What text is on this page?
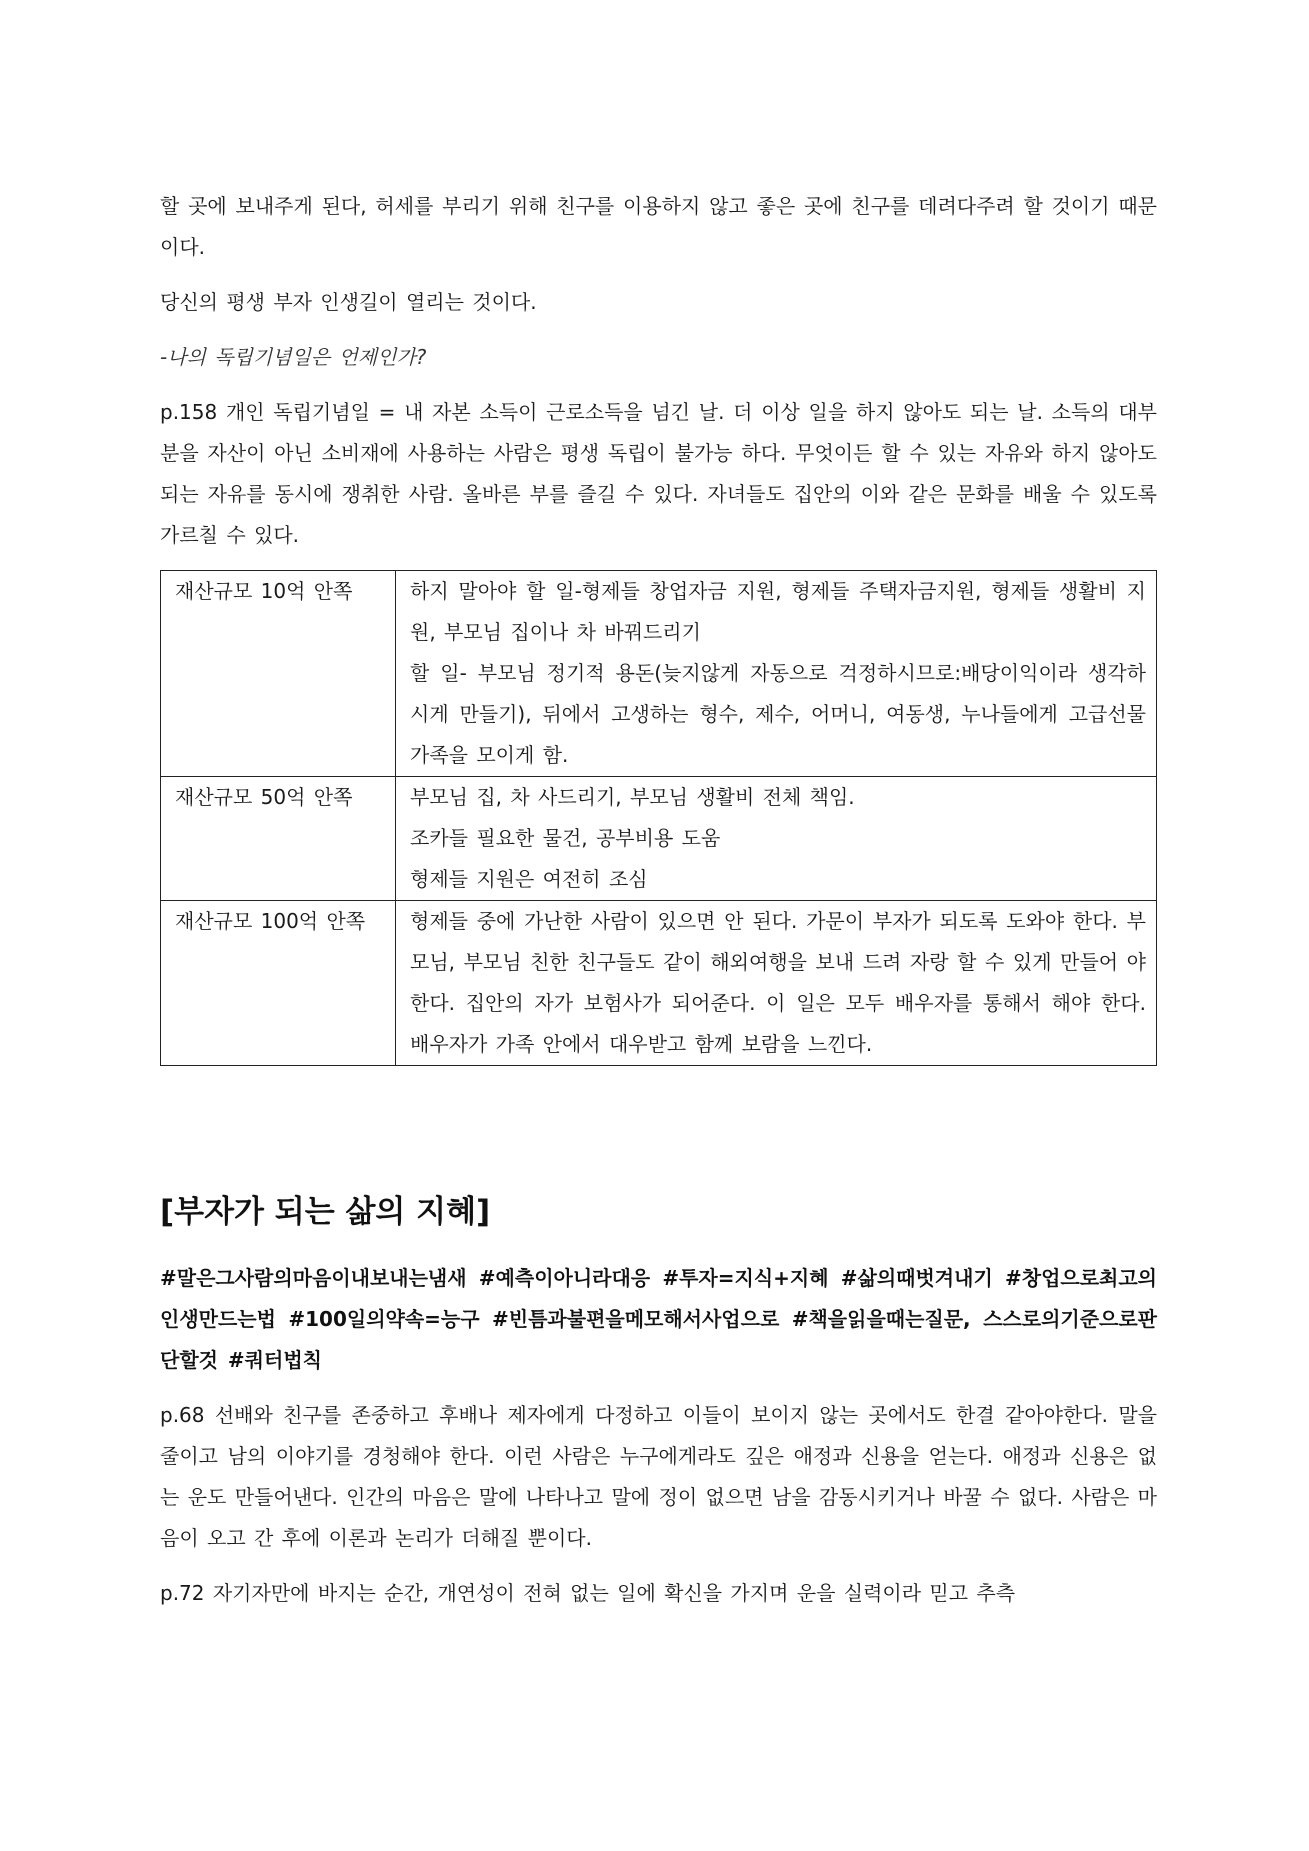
할 곳에 보내주게 된다, 허세를 부리기 위해 친구를 이용하지 않고 좋은 곳에 친구를 데려다주려 할 것이기 때문이다.

당신의 평생 부자 인생길이 열리는 것이다.

-나의 독립기념일은 언제인가?

p.158 개인 독립기념일 = 내 자본 소득이 근로소득을 넘긴 날. 더 이상 일을 하지 않아도 되는 날. 소득의 대부분을 자산이 아닌 소비재에 사용하는 사람은 평생 독립이 불가능 하다. 무엇이든 할 수 있는 자유와 하지 않아도 되는 자유를 동시에 쟁취한 사람. 올바른 부를 즐길 수 있다. 자녀들도 집안의 이와 같은 문화를 배울 수 있도록 가르칠 수 있다.

재산규모 10억 안쪽	하지 말아야 할 일-형제들 창업자금 지원, 형제들 주택자금지원, 형제들 생활비 지원, 부모님 집이나 차 바꿔드리기
할 일- 부모님 정기적 용돈(늦지않게 자동으로 걱정하시므로:배당이익이라 생각하시게 만들기), 뒤에서 고생하는 형수, 제수, 어머니, 여동생, 누나들에게 고급선물 가족을 모이게 함.

재산규모 50억 안쪽	부모님 집, 차 사드리기, 부모님 생활비 전체 책임.
조카들 필요한 물건, 공부비용 도움
형제들 지원은 여전히 조심

재산규모 100억 안쪽	형제들 중에 가난한 사람이 있으면 안 된다. 가문이 부자가 되도록 도와야 한다. 부모님, 부모님 친한 친구들도 같이 해외여행을 보내 드려 자랑 할 수 있게 만들어 야한다. 집안의 자가 보험사가 되어준다. 이 일은 모두 배우자를 통해서 해야 한다. 배우자가 가족 안에서 대우받고 함께 보람을 느낀다.
[부자가 되는 삶의 지혜]
#말은그사람의마음이내보내는냄새 #예측이아니라대응 #투자=지식+지혜 #삶의때벗겨내기 #창업으로최고의인생만드는법 #100일의약속=능구 #빈틈과불편을메모해서사업으로 #책을읽을때는질문, 스스로의기준으로판단할것 #쿼터법칙

p.68 선배와 친구를 존중하고 후배나 제자에게 다정하고 이들이 보이지 않는 곳에서도 한결 같아야한다. 말을 줄이고 남의 이야기를 경청해야 한다. 이런 사람은 누구에게라도 깊은 애정과 신용을 얻는다. 애정과 신용은 없는 운도 만들어낸다. 인간의 마음은 말에 나타나고 말에 정이 없으면 남을 감동시키거나 바꿀 수 없다. 사람은 마음이 오고 간 후에 이론과 논리가 더해질 뿐이다.

p.72 자기자만에 바지는 순간, 개연성이 전혀 없는 일에 확신을 가지며 운을 실력이라 믿고 추측
